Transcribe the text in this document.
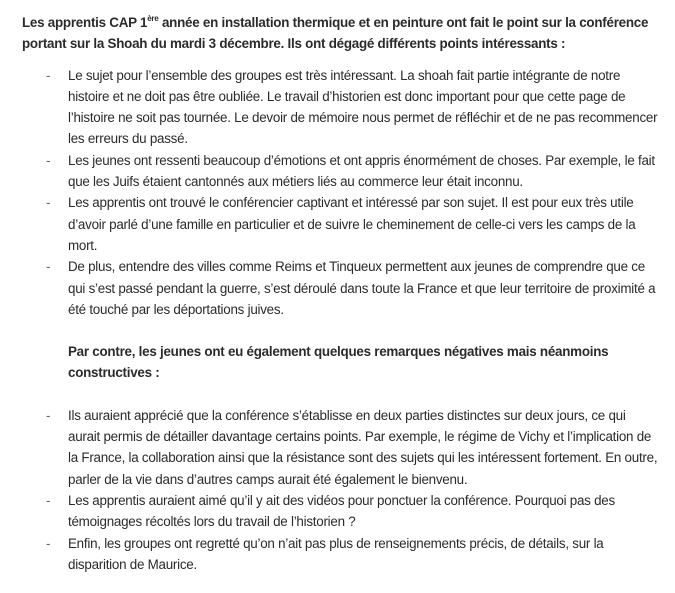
Les apprentis CAP 1ère année en installation thermique et en peinture ont fait le point sur la conférence portant sur la Shoah du mardi 3 décembre. Ils ont dégagé différents points intéressants :

- Le sujet pour l’ensemble des groupes est très intéressant. La shoah fait partie intégrante de notre histoire et ne doit pas être oubliée. Le travail d’historien est donc important pour que cette page de l’histoire ne soit pas tournée. Le devoir de mémoire nous permet de réfléchir et de ne pas recommencer les erreurs du passé.
- Les jeunes ont ressenti beaucoup d’émotions et ont appris énormément de choses. Par exemple, le fait que les Juifs étaient cantonnés aux métiers liés au commerce leur était inconnu.
- Les apprentis ont trouvé le conférencier captivant et intéressé par son sujet. Il est pour eux très utile d’avoir parlé d’une famille en particulier et de suivre le cheminement de celle-ci vers les camps de la mort.
- De plus, entendre des villes comme Reims et Tinqueux permettent aux jeunes de comprendre que ce qui s’est passé pendant la guerre, s’est déroulé dans toute la France et que leur territoire de proximité a été touché par les déportations juives.

Par contre, les jeunes ont eu également quelques remarques négatives mais néanmoins constructives :

- Ils auraient apprécié que la conférence s’établisse en deux parties distinctes sur deux jours, ce qui aurait permis de détailler davantage certains points. Par exemple, le régime de Vichy et l’implication de la France, la collaboration ainsi que la résistance sont des sujets qui les intéressent fortement. En outre, parler de la vie dans d’autres camps aurait été également le bienvenu.
- Les apprentis auraient aimé qu’il y ait des vidéos pour ponctuer la conférence. Pourquoi pas des témoignages récoltés lors du travail de l’historien ?
- Enfin, les groupes ont regretté qu’on n’ait pas plus de renseignements précis, de détails, sur la disparition de Maurice.
